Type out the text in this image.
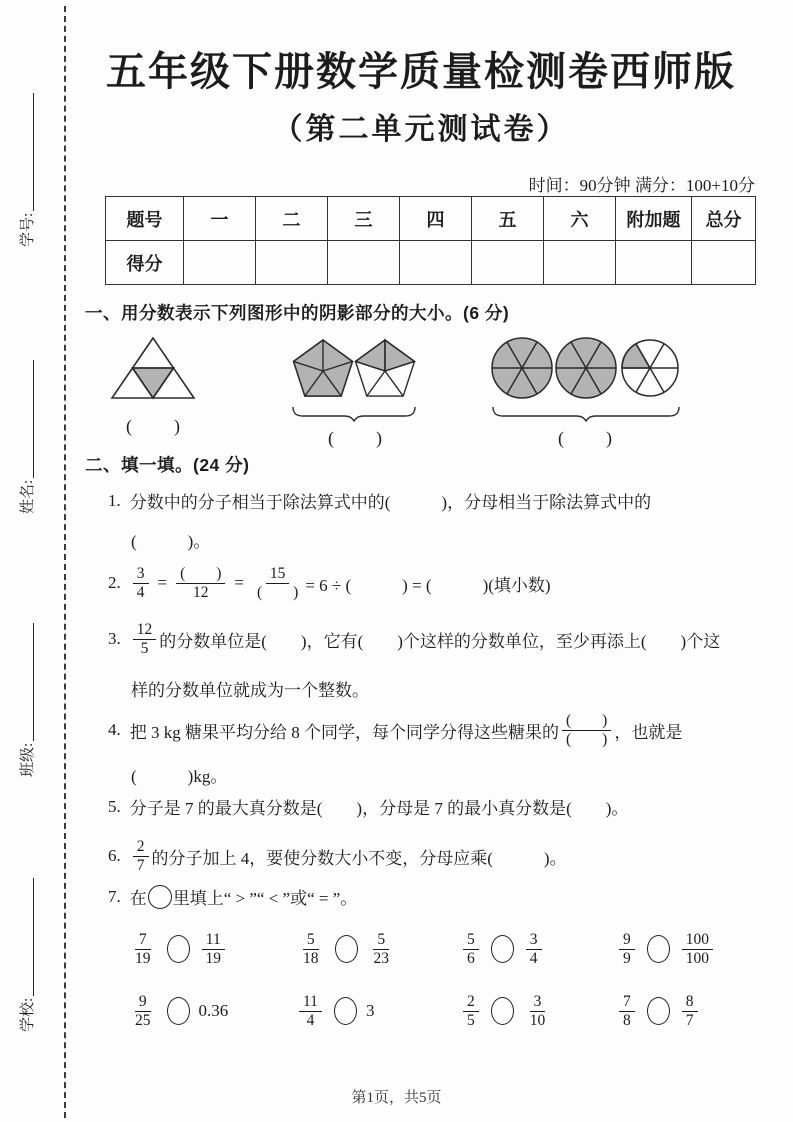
学号:
姓名:
班级:
学校:
五年级下册数学质量检测卷西师版
（第二单元测试卷）
时间：90分钟 满分：100+10分
题号	一	二	三	四	五	六	附加题	总分
得分								
一、用分数表示下列图形中的阴影部分的大小。(6 分)
(　　)
(　　)	(　　)
二、填一填。(24 分)
1. 分数中的分子相当于除法算式中的(　　　)，分母相当于除法算式中的
(　　　)。
2. $\frac{3}{4} = \frac{( )}{12} = \frac{15}{( )} = 6$ ÷ (　　　) = (　　　)(填小数)
3. $\frac{12}{5}$ 的分数单位是(　　)，它有(　　)个这样的分数单位，至少再添上(　　)个这
样的分数单位就成为一个整数。
4. 把 3 kg 糖果平均分给 8 个同学，每个同学分得这些糖果的 $\frac{( )}{( )}$ ，也就是
(　　　)kg。
5. 分子是 7 的最大真分数是(　　)，分母是 7 的最小真分数是(　　)。
6. $\frac{2}{7}$ 的分子加上 4，要使分数大小不变，分母应乘(　　　)。
7. 在 里填上“ > ”“ < ”或“ = ”。
$\frac{7}{19}$	$\frac{11}{19}$	$\frac{5}{18}$	$\frac{5}{23}$	$\frac{5}{6}$	$\frac{3}{4}$	$\frac{9}{9}$	$\frac{100}{100}$
$\frac{9}{25}$	0.36	$\frac{11}{4}$	3	$\frac{2}{5}$	$\frac{3}{10}$	$\frac{7}{8}$	$\frac{8}{7}$
第1页，共5页
